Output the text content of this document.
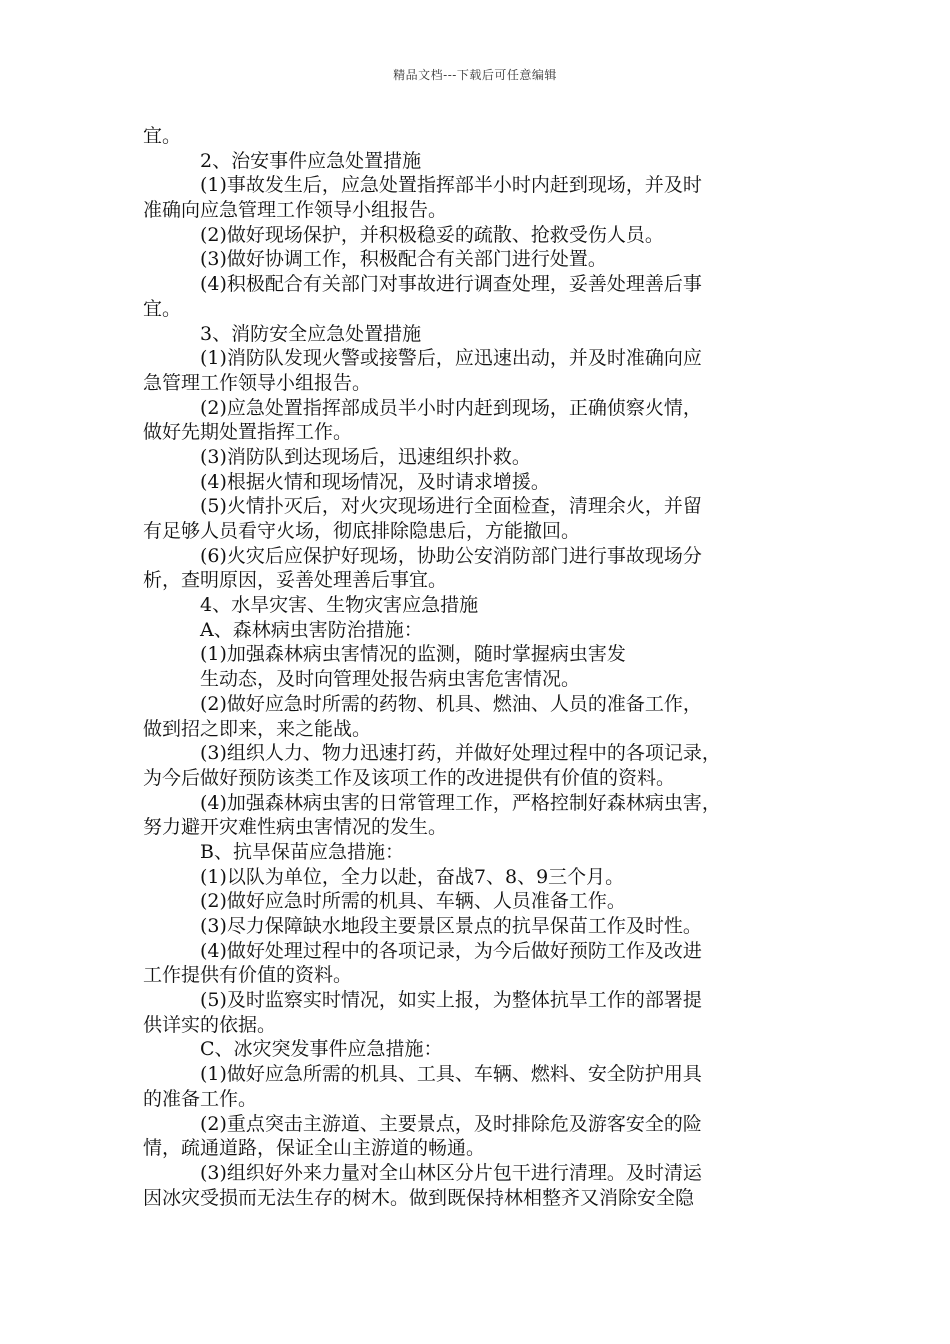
精品文档---下载后可任意编辑
宜。
2、治安事件应急处置措施
(1)事故发生后，应急处置指挥部半小时内赶到现场，并及时
准确向应急管理工作领导小组报告。
(2)做好现场保护，并积极稳妥的疏散、抢救受伤人员。
(3)做好协调工作，积极配合有关部门进行处置。
(4)积极配合有关部门对事故进行调查处理，妥善处理善后事
宜。
3、消防安全应急处置措施
(1)消防队发现火警或接警后，应迅速出动，并及时准确向应
急管理工作领导小组报告。
(2)应急处置指挥部成员半小时内赶到现场，正确侦察火情，
做好先期处置指挥工作。
(3)消防队到达现场后，迅速组织扑救。
(4)根据火情和现场情况，及时请求增援。
(5)火情扑灭后，对火灾现场进行全面检查，清理余火，并留
有足够人员看守火场，彻底排除隐患后，方能撤回。
(6)火灾后应保护好现场，协助公安消防部门进行事故现场分
析，查明原因，妥善处理善后事宜。
4、水旱灾害、生物灾害应急措施
A、森林病虫害防治措施：
(1)加强森林病虫害情况的监测，随时掌握病虫害发
生动态，及时向管理处报告病虫害危害情况。
(2)做好应急时所需的药物、机具、燃油、人员的准备工作，
做到招之即来，来之能战。
(3)组织人力、物力迅速打药，并做好处理过程中的各项记录，
为今后做好预防该类工作及该项工作的改进提供有价值的资料。
(4)加强森林病虫害的日常管理工作，严格控制好森林病虫害，
努力避开灾难性病虫害情况的发生。
B、抗旱保苗应急措施：
(1)以队为单位，全力以赴，奋战7、8、9三个月。
(2)做好应急时所需的机具、车辆、人员准备工作。
(3)尽力保障缺水地段主要景区景点的抗旱保苗工作及时性。
(4)做好处理过程中的各项记录，为今后做好预防工作及改进
工作提供有价值的资料。
(5)及时监察实时情况，如实上报，为整体抗旱工作的部署提
供详实的依据。
C、冰灾突发事件应急措施：
(1)做好应急所需的机具、工具、车辆、燃料、安全防护用具
的准备工作。
(2)重点突击主游道、主要景点，及时排除危及游客安全的险
情，疏通道路，保证全山主游道的畅通。
(3)组织好外来力量对全山林区分片包干进行清理。及时清运
因冰灾受损而无法生存的树木。做到既保持林相整齐又消除安全隐
